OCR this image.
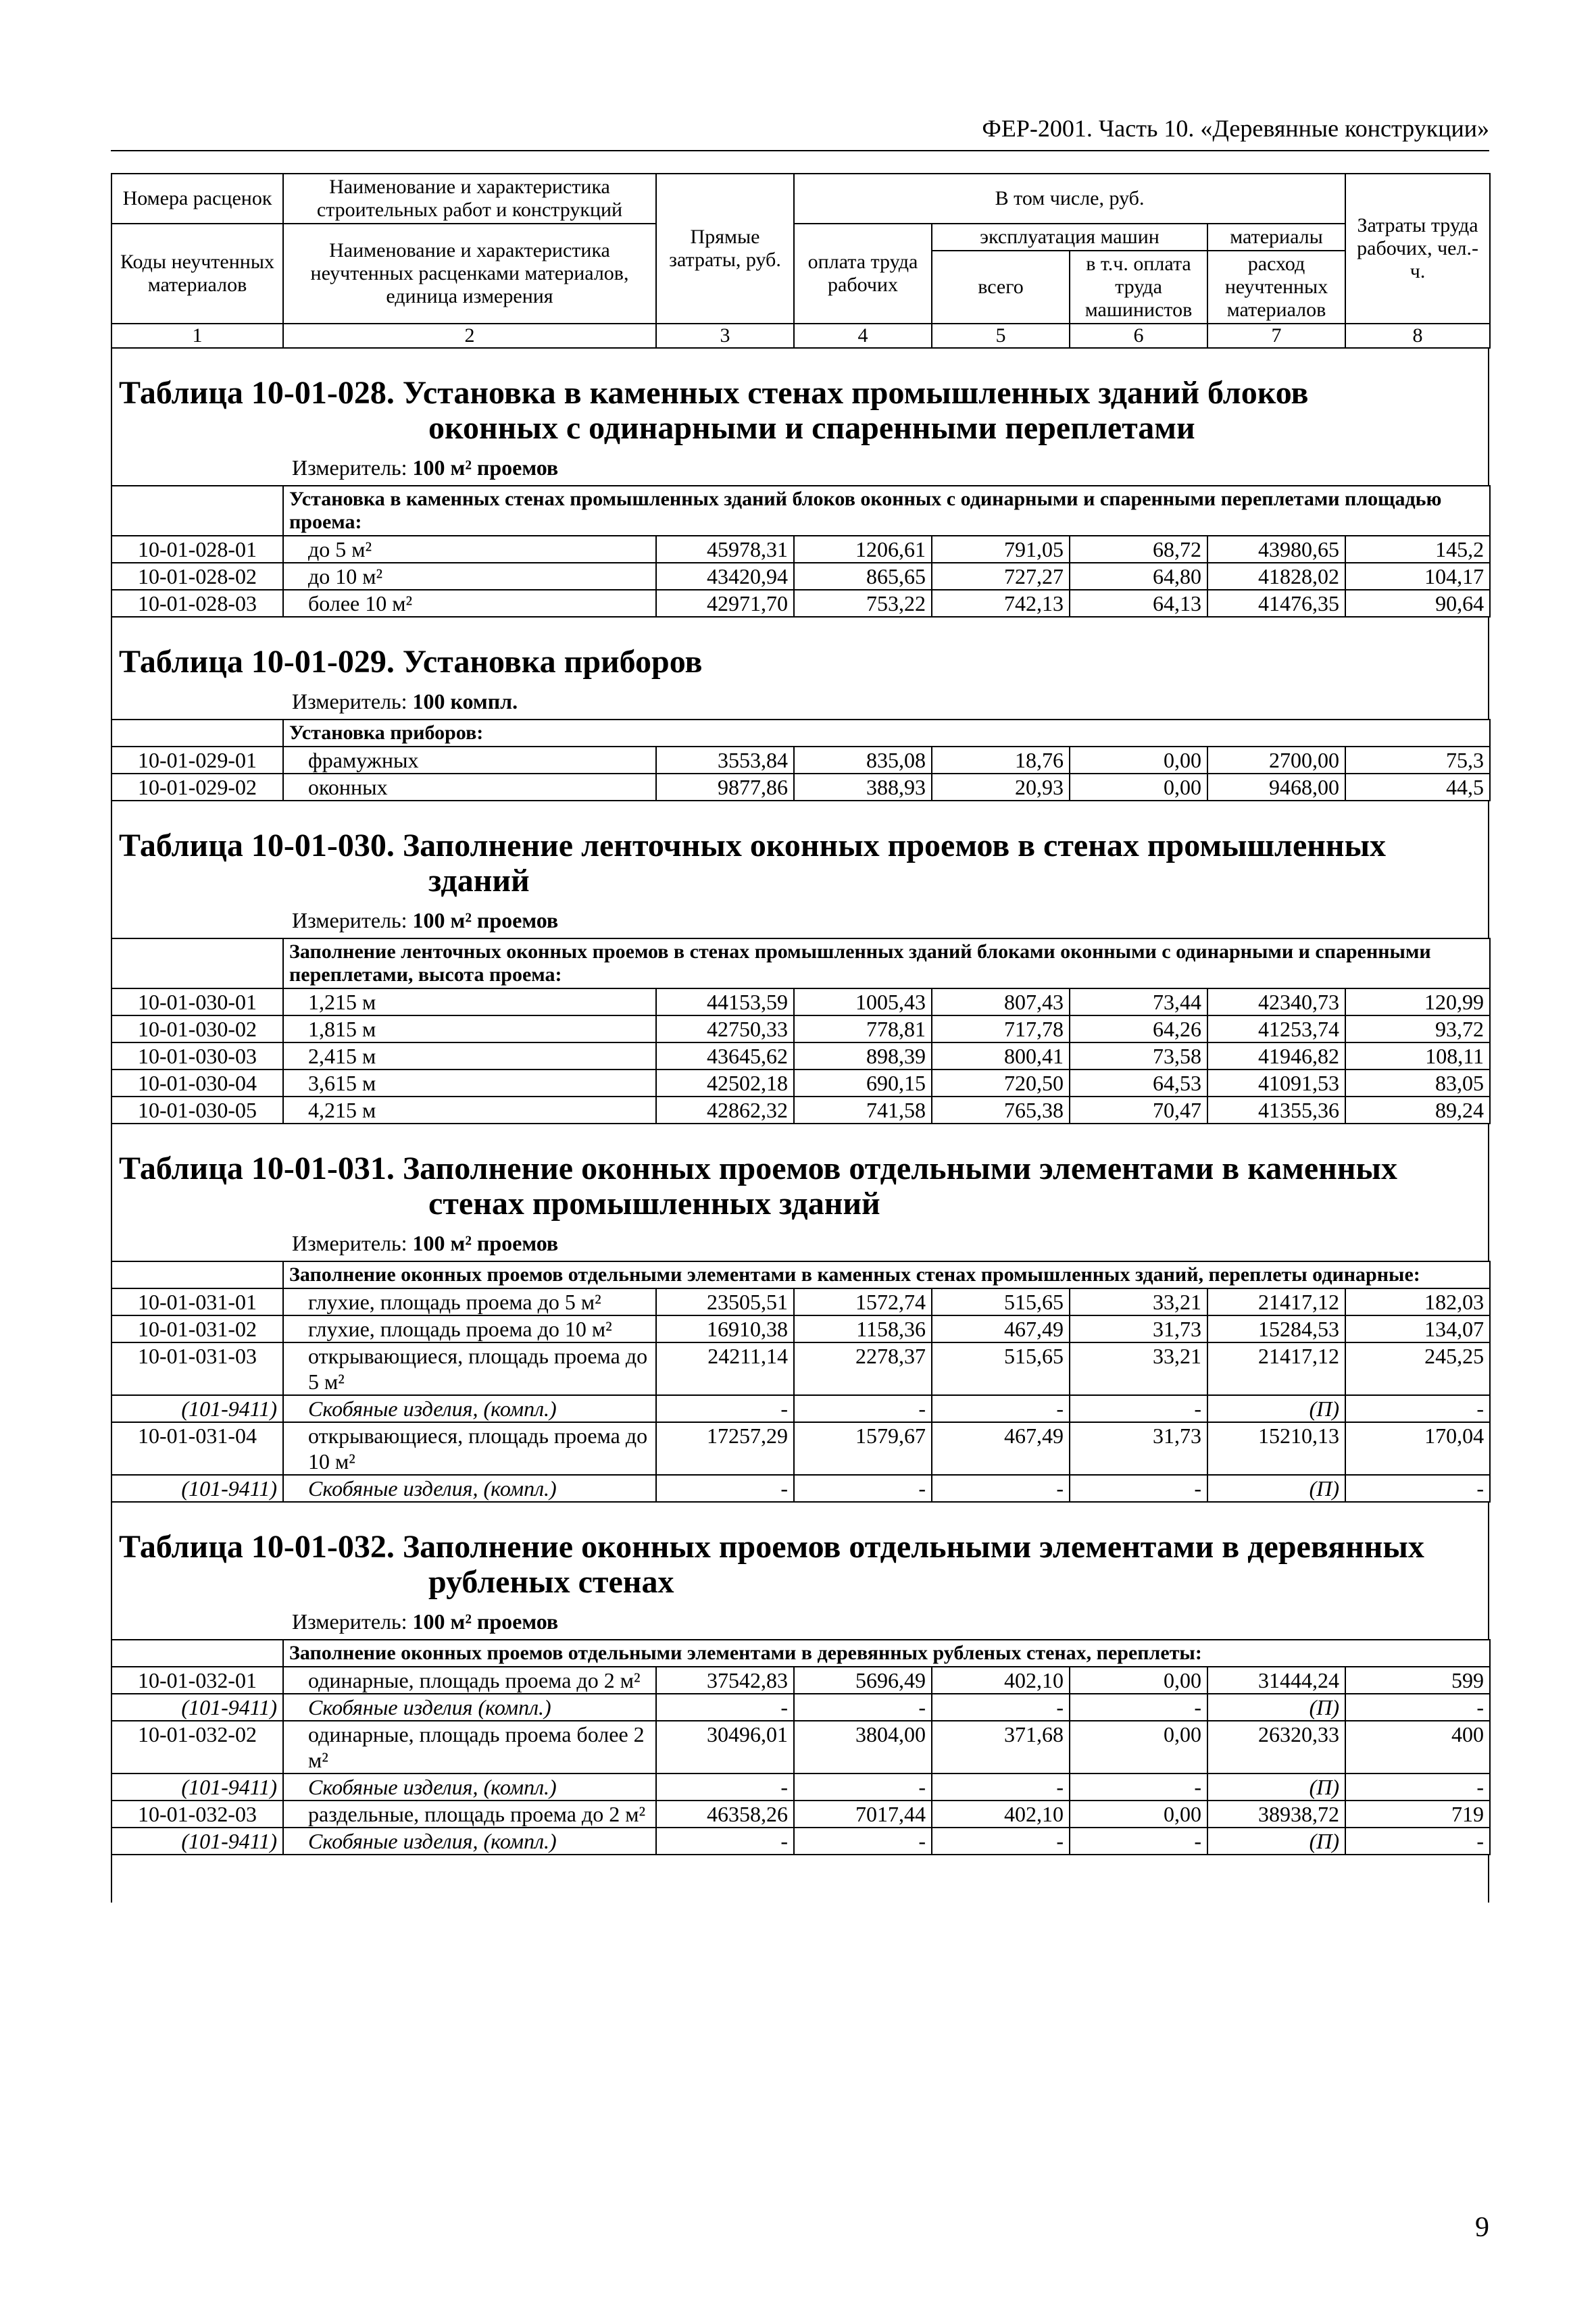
ФЕР-2001. Часть 10. «Деревянные конструкции»
Номера расценок	Наименование и характеристика строительных работ и конструкций	Прямые затраты, руб.	В том числе, руб.				Затраты труда рабочих, чел.-ч.
Коды неучтенных материалов	Наименование и характеристика неучтенных расценками материалов, единица измерения		оплата труда рабочих	эксплуатация машин		материалы	
				всего	в т.ч. оплата труда машинистов	расход неучтенных материалов	
1	2	3	4	5	6	7	8
Таблица 10-01-028. Установка в каменных стенах промышленных зданий блоков
оконных с одинарными и спаренными переплетами
Измеритель: 100 м² проемов
	Установка в каменных стенах промышленных зданий блоков оконных с одинарными и спаренными переплетами площадью проема:						
10-01-028-01	до 5 м²	45978,31	1206,61	791,05	68,72	43980,65	145,2
10-01-028-02	до 10 м²	43420,94	865,65	727,27	64,80	41828,02	104,17
10-01-028-03	более 10 м²	42971,70	753,22	742,13	64,13	41476,35	90,64
Таблица 10-01-029. Установка приборов
Измеритель: 100 компл.
	Установка приборов:						
10-01-029-01	фрамужных	3553,84	835,08	18,76	0,00	2700,00	75,3
10-01-029-02	оконных	9877,86	388,93	20,93	0,00	9468,00	44,5
Таблица 10-01-030. Заполнение ленточных оконных проемов в стенах промышленных
зданий
Измеритель: 100 м² проемов
	Заполнение ленточных оконных проемов в стенах промышленных зданий блоками оконными с одинарными и спаренными переплетами, высота проема:						
10-01-030-01	1,215 м	44153,59	1005,43	807,43	73,44	42340,73	120,99
10-01-030-02	1,815 м	42750,33	778,81	717,78	64,26	41253,74	93,72
10-01-030-03	2,415 м	43645,62	898,39	800,41	73,58	41946,82	108,11
10-01-030-04	3,615 м	42502,18	690,15	720,50	64,53	41091,53	83,05
10-01-030-05	4,215 м	42862,32	741,58	765,38	70,47	41355,36	89,24
Таблица 10-01-031. Заполнение оконных проемов отдельными элементами в каменных
стенах промышленных зданий
Измеритель: 100 м² проемов
	Заполнение оконных проемов отдельными элементами в каменных стенах промышленных зданий, переплеты одинарные:						
10-01-031-01	глухие, площадь проема до 5 м²	23505,51	1572,74	515,65	33,21	21417,12	182,03
10-01-031-02	глухие, площадь проема до 10 м²	16910,38	1158,36	467,49	31,73	15284,53	134,07
10-01-031-03	открывающиеся, площадь проема до 5 м²	24211,14	2278,37	515,65	33,21	21417,12	245,25
(101-9411)	Скобяные изделия, (компл.)	-	-	-	-	(П)	-
10-01-031-04	открывающиеся, площадь проема до 10 м²	17257,29	1579,67	467,49	31,73	15210,13	170,04
(101-9411)	Скобяные изделия, (компл.)	-	-	-	-	(П)	-
Таблица 10-01-032. Заполнение оконных проемов отдельными элементами в деревянных
рубленых стенах
Измеритель: 100 м² проемов
	Заполнение оконных проемов отдельными элементами в деревянных рубленых стенах, переплеты:						
10-01-032-01	одинарные, площадь проема до 2 м²	37542,83	5696,49	402,10	0,00	31444,24	599
(101-9411)	Скобяные изделия (компл.)	-	-	-	-	(П)	-
10-01-032-02	одинарные, площадь проема более 2 м²	30496,01	3804,00	371,68	0,00	26320,33	400
(101-9411)	Скобяные изделия, (компл.)	-	-	-	-	(П)	-
10-01-032-03	раздельные, площадь проема до 2 м²	46358,26	7017,44	402,10	0,00	38938,72	719
(101-9411)	Скобяные изделия, (компл.)	-	-	-	-	(П)	-
9
